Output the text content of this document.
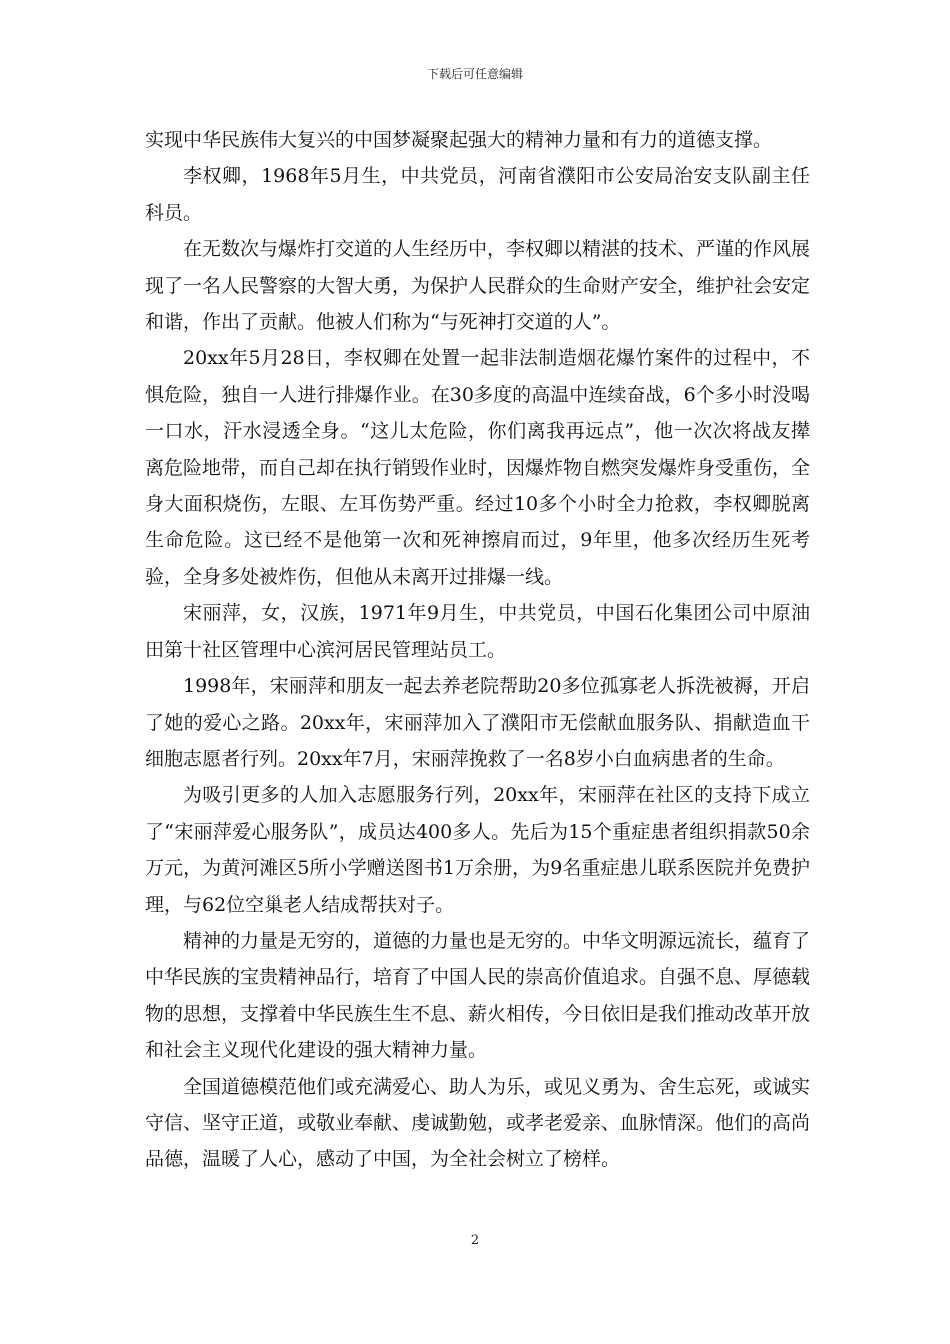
下载后可任意编辑

实现中华民族伟大复兴的中国梦凝聚起强大的精神力量和有力的道德支撑。

李权卿，1968年5月生，中共党员，河南省濮阳市公安局治安支队副主任科员。

在无数次与爆炸打交道的人生经历中，李权卿以精湛的技术、严谨的作风展现了一名人民警察的大智大勇，为保护人民群众的生命财产安全，维护社会安定和谐，作出了贡献。他被人们称为“与死神打交道的人”。

20xx年5月28日，李权卿在处置一起非法制造烟花爆竹案件的过程中，不惧危险，独自一人进行排爆作业。在30多度的高温中连续奋战，6个多小时没喝一口水，汗水浸透全身。“这儿太危险，你们离我再远点”，他一次次将战友撵离危险地带，而自己却在执行销毁作业时，因爆炸物自燃突发爆炸身受重伤，全身大面积烧伤，左眼、左耳伤势严重。经过10多个小时全力抢救，李权卿脱离生命危险。这已经不是他第一次和死神擦肩而过，9年里，他多次经历生死考验，全身多处被炸伤，但他从未离开过排爆一线。

宋丽萍，女，汉族，1971年9月生，中共党员，中国石化集团公司中原油田第十社区管理中心滨河居民管理站员工。

1998年，宋丽萍和朋友一起去养老院帮助20多位孤寡老人拆洗被褥，开启了她的爱心之路。20xx年，宋丽萍加入了濮阳市无偿献血服务队、捐献造血干细胞志愿者行列。20xx年7月，宋丽萍挽救了一名8岁小白血病患者的生命。

为吸引更多的人加入志愿服务行列，20xx年，宋丽萍在社区的支持下成立了“宋丽萍爱心服务队”，成员达400多人。先后为15个重症患者组织捐款50余万元，为黄河滩区5所小学赠送图书1万余册，为9名重症患儿联系医院并免费护理，与62位空巢老人结成帮扶对子。

精神的力量是无穷的，道德的力量也是无穷的。中华文明源远流长，蕴育了中华民族的宝贵精神品行，培育了中国人民的崇高价值追求。自强不息、厚德载物的思想，支撑着中华民族生生不息、薪火相传，今日依旧是我们推动改革开放和社会主义现代化建设的强大精神力量。

全国道德模范他们或充满爱心、助人为乐，或见义勇为、舍生忘死，或诚实守信、坚守正道，或敬业奉献、虔诚勤勉，或孝老爱亲、血脉情深。他们的高尚品德，温暖了人心，感动了中国，为全社会树立了榜样。

2
